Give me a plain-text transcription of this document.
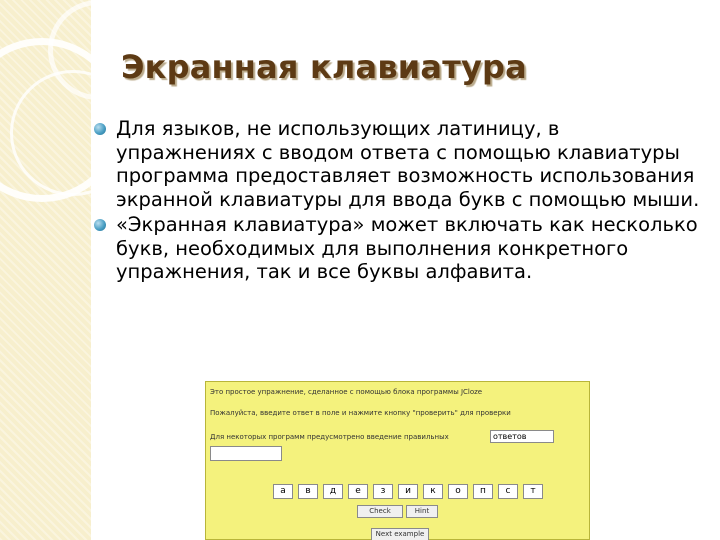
Экранная клавиатура
Для языков, не использующих латиницу, в упражнениях с вводом ответа с помощью клавиатуры программа предоставляет возможность использования экранной клавиатуры для ввода букв с помощью мыши.
«Экранная клавиатура» может включать как несколько букв, необходимых для выполнения конкретного упражнения, так и все буквы алфавита.
Это простое упражнение, сделанное с помощью блока программы JCloze
Пожалуйста, введите ответ в поле и нажмите кнопку "проверить" для проверки
Для некоторых программ предусмотрено введение правильных	ответов
а	в	д	е	з	и	к	о	п	с	т
Check	Hint
Next example
